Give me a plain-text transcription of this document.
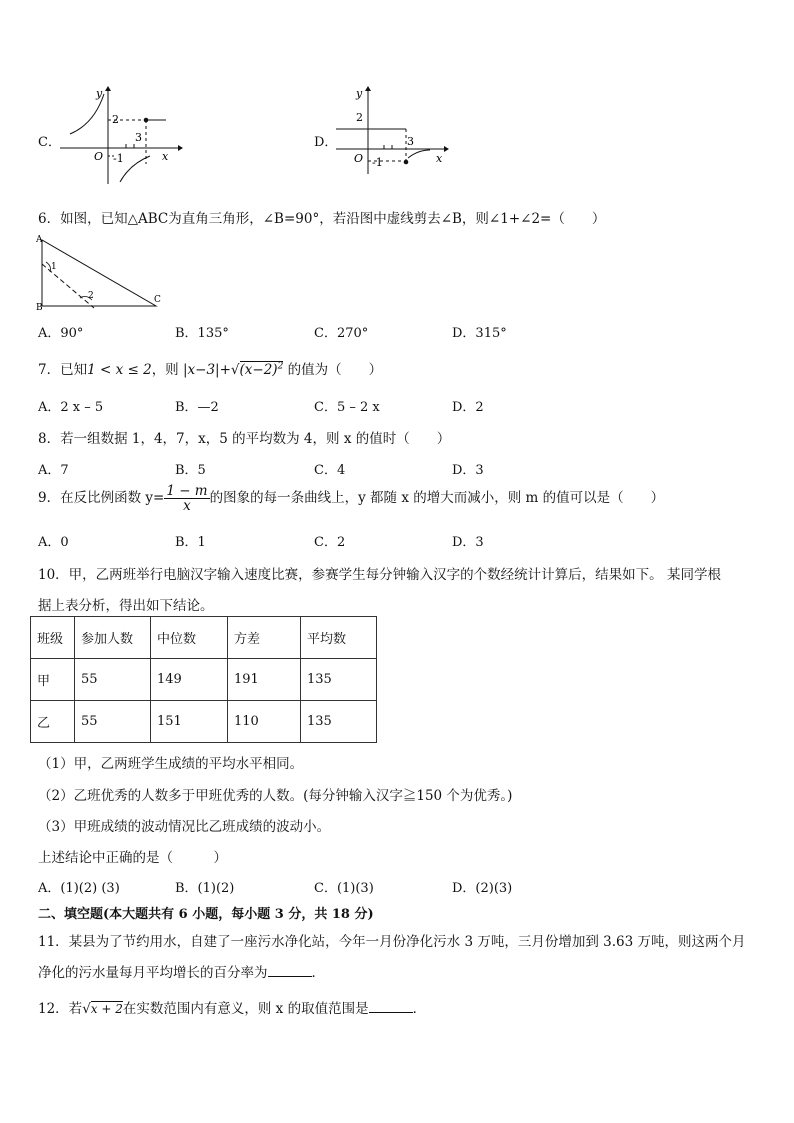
C．
y
2
3
O -1	x
D．
y
2
3
O -1	x
6．如图，已知△ABC为直角三角形，∠B=90°，若沿图中虚线剪去∠B，则∠1+∠2=（　　）
A
B
C
1
2
A．90°	B．135°	C．270°	D．315°
7．已知1 < x ≤ 2，则 $|x-3|+√(x-2)^2$ 的值为（　　）
A．2 x – 5	B．—2	C．5 – 2 x	D．2
8．若一组数据 1，4，7，x，5 的平均数为 4，则 x 的值时（　　）
A．7	B．5	C．4	D．3
9．在反比例函数 $y= \frac{1 - m}{x}$ 的图象的每一条曲线上，y 都随 x 的增大而减小，则 m 的值可以是（　　）
A．0	B．1	C．2	D．3
10．甲，乙两班举行电脑汉字输入速度比赛，参赛学生每分钟输入汉字的个数经统计计算后，结果如下。 某同学根
据上表分析，得出如下结论。
班级	参加人数	中位数	方差	平均数
甲	55	149	191	135
乙	55	151	110	135
（1）甲，乙两班学生成绩的平均水平相同。
（2）乙班优秀的人数多于甲班优秀的人数。(每分钟输入汉字≧150 个为优秀。)
（3）甲班成绩的波动情况比乙班成绩的波动小。
上述结论中正确的是（　　　）
A．(1)(2) (3)	B．(1)(2)	C．(1)(3)	D．(2)(3)
二、填空题(本大题共有 6 小题，每小题 3 分，共 18 分)
11．某县为了节约用水，自建了一座污水净化站，今年一月份净化污水 3 万吨，三月份增加到 3.63 万吨，则这两个月
净化的污水量每月平均增长的百分率为	．
12．若√x + 2在实数范围内有意义，则 x 的取值范围是	．
